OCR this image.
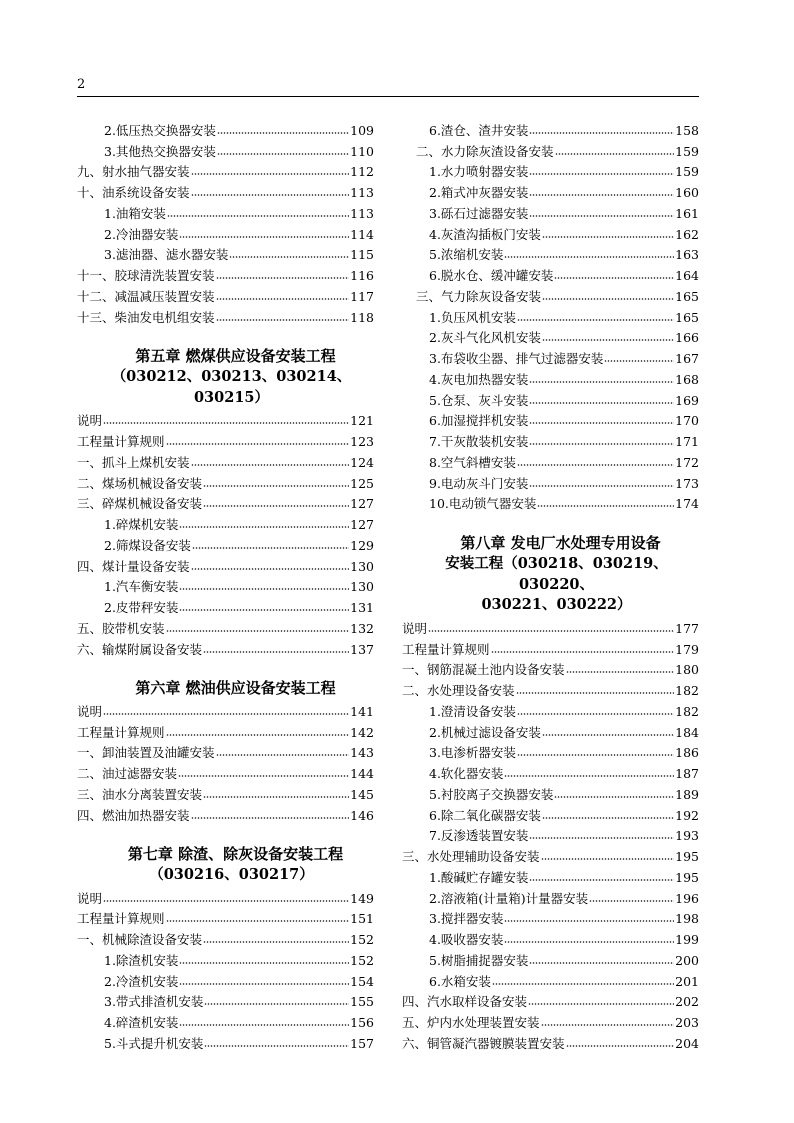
2
2.低压热交换器安装	109
3.其他热交换器安装	110
九、射水抽气器安装	112
十、油系统设备安装	113
1.油箱安装	113
2.冷油器安装	114
3.滤油器、滤水器安装	115
十一、胶球清洗装置安装	116
十二、减温减压装置安装	117
十三、柴油发电机组安装	118
第五章 燃煤供应设备安装工程
（030212、030213、030214、030215）
说明	121
工程量计算规则	123
一、抓斗上煤机安装	124
二、煤场机械设备安装	125
三、碎煤机械设备安装	127
1.碎煤机安装	127
2.筛煤设备安装	129
四、煤计量设备安装	130
1.汽车衡安装	130
2.皮带秤安装	131
五、胶带机安装	132
六、输煤附属设备安装	137
第六章 燃油供应设备安装工程
说明	141
工程量计算规则	142
一、卸油装置及油罐安装	143
二、油过滤器安装	144
三、油水分离装置安装	145
四、燃油加热器安装	146
第七章 除渣、除灰设备安装工程
（030216、030217）
说明	149
工程量计算规则	151
一、机械除渣设备安装	152
1.除渣机安装	152
2.冷渣机安装	154
3.带式排渣机安装	155
4.碎渣机安装	156
5.斗式提升机安装	157
6.渣仓、渣井安装	158
二、水力除灰渣设备安装	159
1.水力喷射器安装	159
2.箱式冲灰器安装	160
3.砾石过滤器安装	161
4.灰渣沟插板门安装	162
5.浓缩机安装	163
6.脱水仓、缓冲罐安装	164
三、气力除灰设备安装	165
1.负压风机安装	165
2.灰斗气化风机安装	166
3.布袋收尘器、排气过滤器安装	167
4.灰电加热器安装	168
5.仓泵、灰斗安装	169
6.加湿搅拌机安装	170
7.干灰散装机安装	171
8.空气斜槽安装	172
9.电动灰斗门安装	173
10.电动锁气器安装	174
第八章 发电厂水处理专用设备
安装工程（030218、030219、030220、
030221、030222）
说明	177
工程量计算规则	179
一、钢筋混凝土池内设备安装	180
二、水处理设备安装	182
1.澄清设备安装	182
2.机械过滤设备安装	184
3.电渗析器安装	186
4.软化器安装	187
5.衬胶离子交换器安装	189
6.除二氧化碳器安装	192
7.反渗透装置安装	193
三、水处理辅助设备安装	195
1.酸碱贮存罐安装	195
2.溶液箱(计量箱)计量器安装	196
3.搅拌器安装	198
4.吸收器安装	199
5.树脂捕捉器安装	200
6.水箱安装	201
四、汽水取样设备安装	202
五、炉内水处理装置安装	203
六、铜管凝汽器镀膜装置安装	204
